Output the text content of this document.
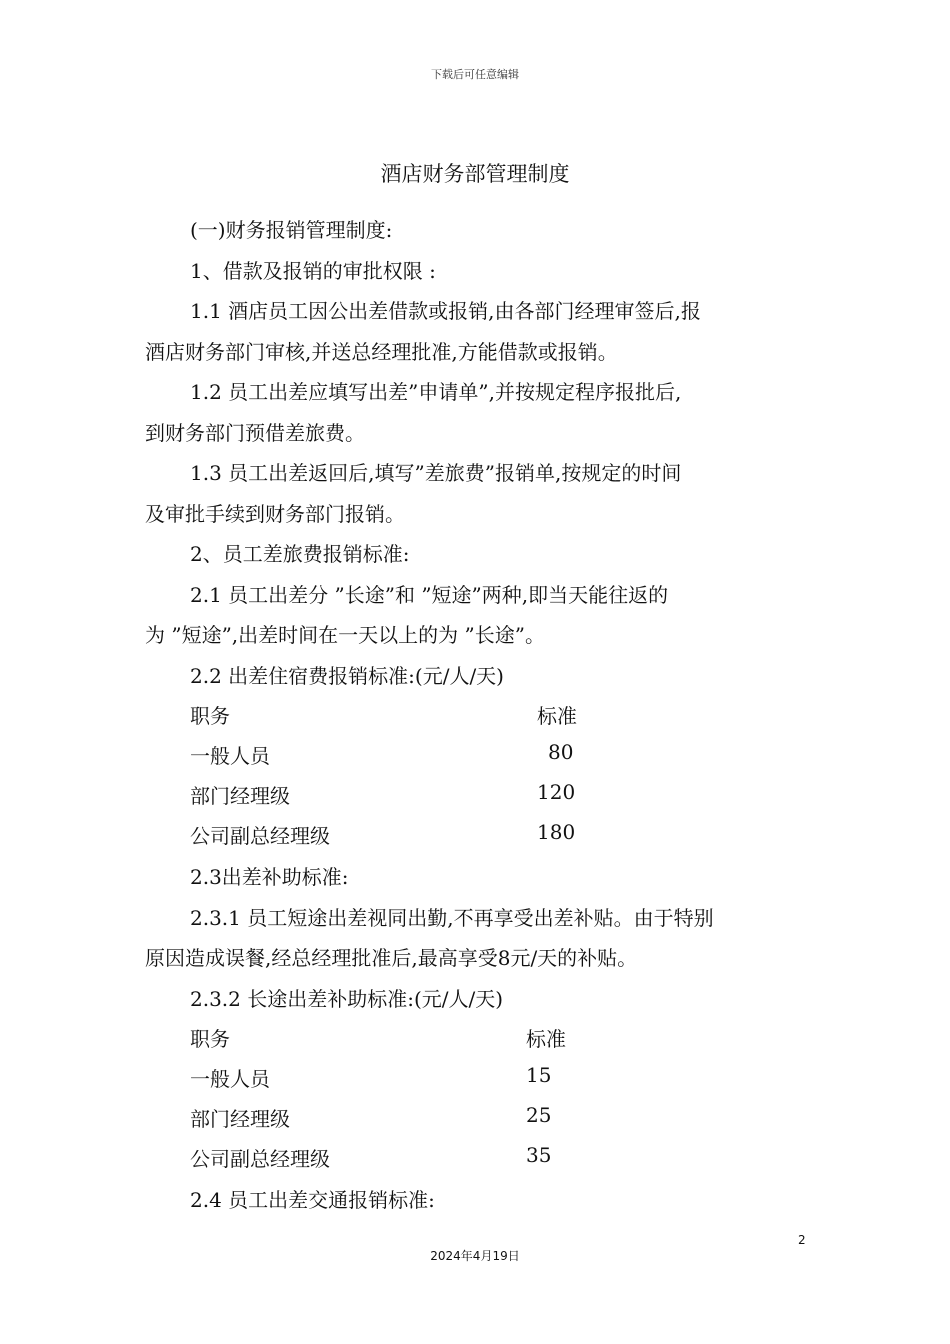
下载后可任意编辑
酒店财务部管理制度
(一)财务报销管理制度:
1、借款及报销的审批权限 :
1.1 酒店员工因公出差借款或报销,由各部门经理审签后,报
酒店财务部门审核,并送总经理批准,方能借款或报销。
1.2 员工出差应填写出差”申请单”,并按规定程序报批后,
到财务部门预借差旅费。
1.3 员工出差返回后,填写”差旅费”报销单,按规定的时间
及审批手续到财务部门报销。
2、员工差旅费报销标准:
2.1 员工出差分 ”长途”和 ”短途”两种,即当天能往返的
为 ”短途”,出差时间在一天以上的为 ”长途”。
2.2 出差住宿费报销标准:(元/人/天)
职务	标准
一般人员	80
部门经理级	120
公司副总经理级	180
2.3出差补助标准:
2.3.1 员工短途出差视同出勤,不再享受出差补贴。由于特别
原因造成误餐,经总经理批准后,最高享受8元/天的补贴。
2.3.2 长途出差补助标准:(元/人/天)
职务	标准
一般人员	15
部门经理级	25
公司副总经理级	35
2.4 员工出差交通报销标准:
2
2024年4月19日
